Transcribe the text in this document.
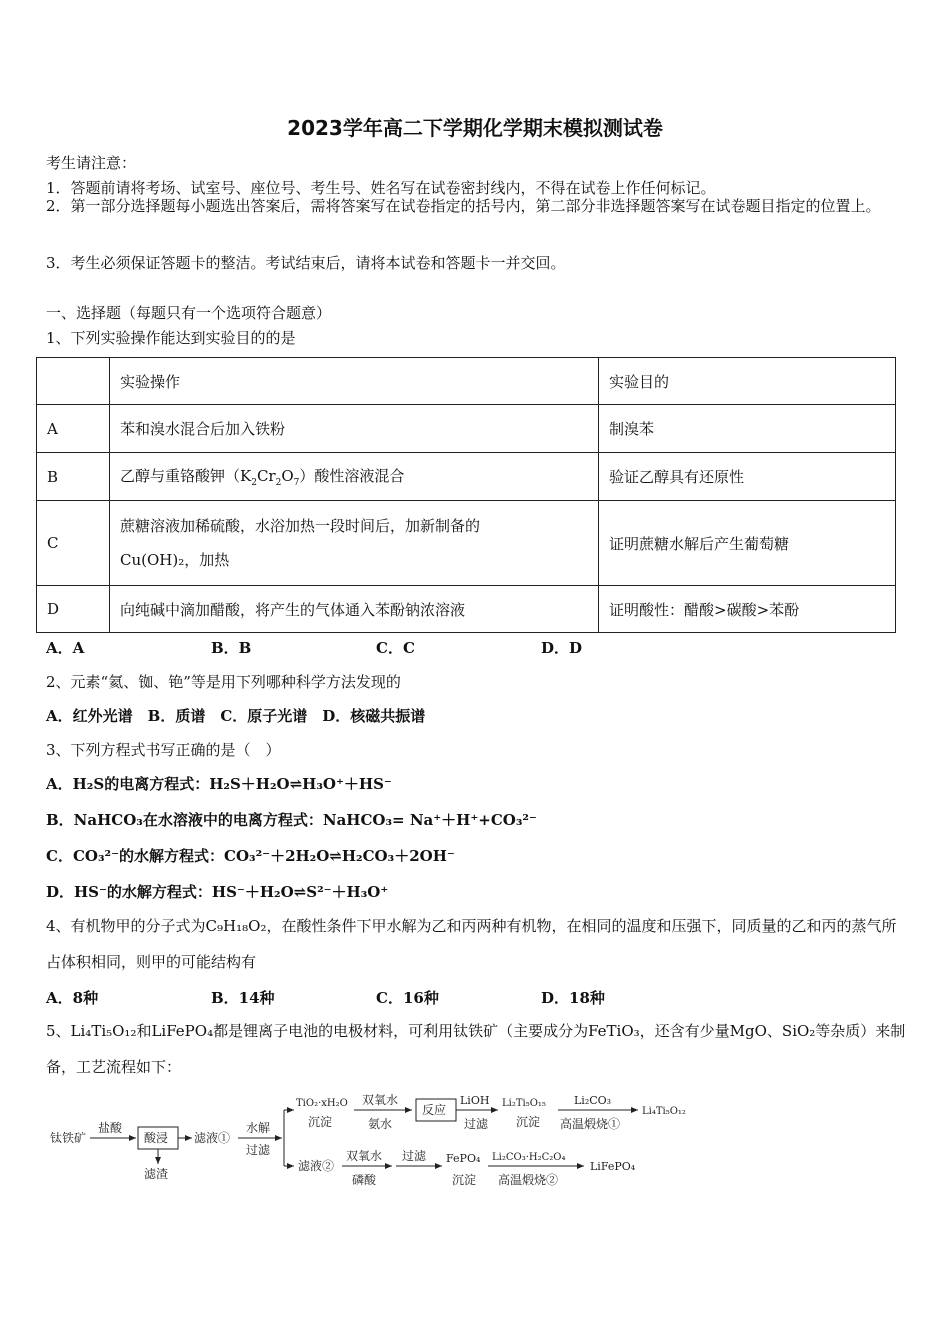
2023学年高二下学期化学期末模拟测试卷
考生请注意：
1．答题前请将考场、试室号、座位号、考生号、姓名写在试卷密封线内，不得在试卷上作任何标记。
2．第一部分选择题每小题选出答案后，需将答案写在试卷指定的括号内，第二部分非选择题答案写在试卷题目指定的位置上。
3．考生必须保证答题卡的整洁。考试结束后，请将本试卷和答题卡一并交回。
一、选择题（每题只有一个选项符合题意）
1、下列实验操作能达到实验目的的是
	实验操作	实验目的
A	苯和溴水混合后加入铁粉	制溴苯
B	乙醇与重铬酸钾$(K_2Cr_2O_7)$酸性溶液混合	验证乙醇具有还原性
C	蔗糖溶液加稀硫酸，水浴加热一段时间后，加新制备的
Cu(OH)₂，加热	证明蔗糖水解后产生葡萄糖
D	向纯碱中滴加醋酸，将产生的气体通入苯酚钠浓溶液	证明酸性：醋酸>碳酸>苯酚
A．A	B．B	C．C	D．D
2、元素“氦、铷、铯”等是用下列哪种科学方法发现的
A．红外光谱　B．质谱　C．原子光谱　D．核磁共振谱
3、下列方程式书写正确的是（　）
A．H₂S的电离方程式：H₂S＋H₂O⇌H₃O⁺＋HS⁻
B．NaHCO₃在水溶液中的电离方程式：NaHCO₃= Na⁺＋H⁺+CO₃²⁻
C．CO₃²⁻的水解方程式：CO₃²⁻＋2H₂O⇌H₂CO₃＋2OH⁻
D．HS⁻的水解方程式：HS⁻＋H₂O⇌S²⁻＋H₃O⁺
4、有机物甲的分子式为C₉H₁₈O₂，在酸性条件下甲水解为乙和丙两种有机物，在相同的温度和压强下，同质量的乙和丙的蒸气所占体积相同，则甲的可能结构有
A．8种	B．14种	C．16种	D．18种
5、Li₄Ti₅O₁₂和LiFePO₄都是锂离子电池的电极材料，可利用钛铁矿（主要成分为FeTiO₃，还含有少量MgO、SiO₂等杂质）来制备，工艺流程如下：
钛铁矿
盐酸
酸浸
滤渣
滤液①
水解
过滤
TiO₂·xH₂O
沉淀
双氧水
氨水
反应
LiOH
过滤
Li₂Ti₅O₁₅
沉淀
Li₂CO₃
高温煅烧①
Li₄Ti₅O₁₂
滤液②
双氧水
磷酸
过滤 FePO₄
沉淀
Li₂CO₃·H₂C₂O₄
高温煅烧②
LiFePO₄
